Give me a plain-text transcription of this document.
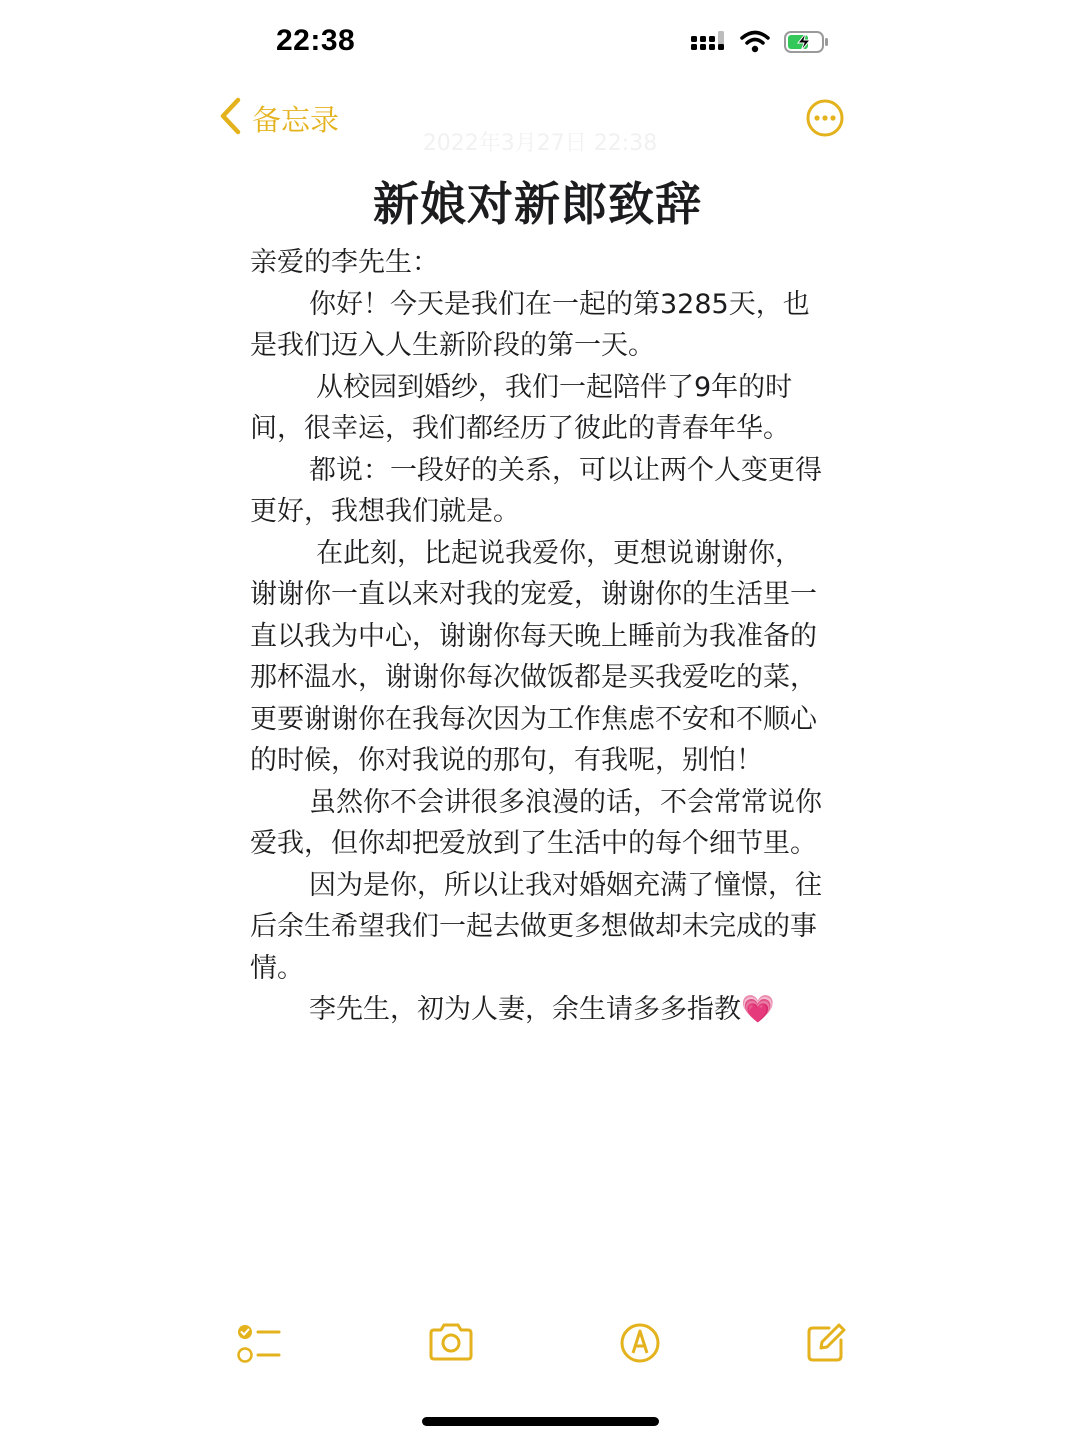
22:38
2022年3月27日 22:38
备忘录
新娘对新郎致辞

亲爱的李先生：

你好！今天是我们在一起的第3285天，也是我们迈入人生新阶段的第一天。

从校园到婚纱，我们一起陪伴了9年的时间，很幸运，我们都经历了彼此的青春年华。

都说：一段好的关系，可以让两个人变更得更好，我想我们就是。

在此刻，比起说我爱你，更想说谢谢你，谢谢你一直以来对我的宠爱，谢谢你的生活里一直以我为中心，谢谢你每天晚上睡前为我准备的那杯温水，谢谢你每次做饭都是买我爱吃的菜，更要谢谢你在我每次因为工作焦虑不安和不顺心的时候，你对我说的那句，有我呢，别怕！

虽然你不会讲很多浪漫的话，不会常常说你爱我，但你却把爱放到了生活中的每个细节里。

因为是你，所以让我对婚姻充满了憧憬，往后余生希望我们一起去做更多想做却未完成的事情。

李先生，初为人妻，余生请多多指教💗
